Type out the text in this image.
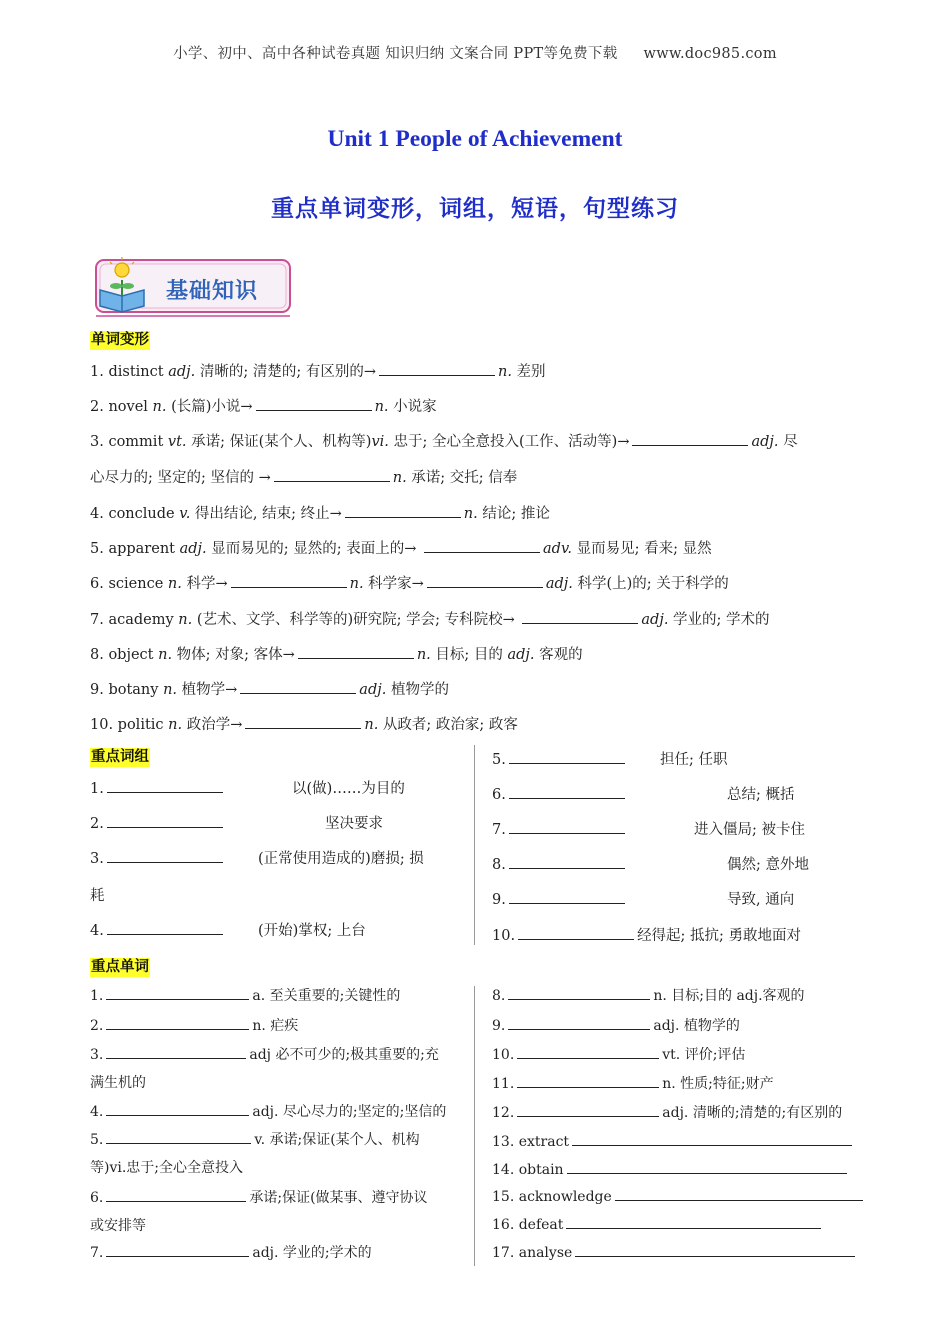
小学、初中、高中各种试卷真题 知识归纳 文案合同 PPT等免费下载 www.doc985.com
Unit 1 People of Achievement
重点单词变形，词组，短语，句型练习
基础知识
单词变形
1. distinct adj. 清晰的; 清楚的; 有区别的→	n. 差别
2. novel n. (长篇)小说→	n. 小说家
3. commit vt. 承诺; 保证(某个人、机构等)vi. 忠于; 全心全意投入(工作、活动等)→	adj. 尽
心尽力的; 坚定的; 坚信的 →	n. 承诺; 交托; 信奉
4. conclude v. 得出结论, 结束; 终止→	n. 结论; 推论
5. apparent adj. 显而易见的; 显然的; 表面上的→	adv. 显而易见; 看来; 显然
6. science n. 科学→	n. 科学家→	adj. 科学(上)的; 关于科学的
7. academy n. (艺术、文学、科学等的)研究院; 学会; 专科院校→	adj. 学业的; 学术的
8. object n. 物体; 对象; 客体→	n. 目标; 目的 adj. 客观的
9. botany n. 植物学→	adj. 植物学的
10. politic n. 政治学→	n. 从政者; 政治家; 政客
重点词组
1.	以(做)……为目的
2.	坚决要求
3.	(正常使用造成的)磨损; 损
耗
4.	(开始)掌权; 上台
5.	担任; 任职
6.	总结; 概括
7.	进入僵局; 被卡住
8.	偶然; 意外地
9.	导致, 通向
10.	经得起; 抵抗; 勇敢地面对
重点单词
1.	a. 至关重要的;关键性的
2.	n. 疟疾
3.	adj 必不可少的;极其重要的;充
满生机的
4.	adj. 尽心尽力的;坚定的;坚信的
5.	v. 承诺;保证(某个人、机构
等)vi.忠于;全心全意投入
6.	承诺;保证(做某事、遵守协议
或安排等
7.	adj. 学业的;学术的
8.	n. 目标;目的 adj.客观的
9.	adj. 植物学的
10.	vt. 评价;评估
11.	n. 性质;特征;财产
12.	adj. 清晰的;清楚的;有区别的
13. extract
14. obtain
15. acknowledge
16. defeat
17. analyse
